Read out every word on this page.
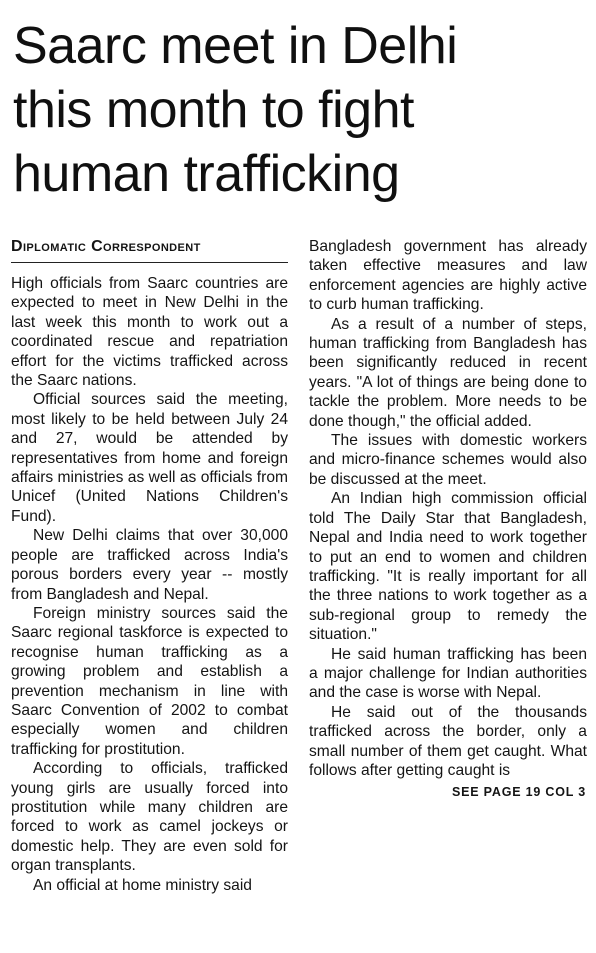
Saarc meet in Delhi
this month to fight
human trafficking
Diplomatic Correspondent

High officials from Saarc countries are expected to meet in New Delhi in the last week this month to work out a coordinated rescue and repatriation effort for the victims trafficked across the Saarc nations.

Official sources said the meeting, most likely to be held between July 24 and 27, would be attended by representatives from home and foreign affairs ministries as well as officials from Unicef (United Nations Children's Fund).

New Delhi claims that over 30,000 people are trafficked across India's porous borders every year -- mostly from Bangladesh and Nepal.

Foreign ministry sources said the Saarc regional taskforce is expected to recognise human trafficking as a growing problem and establish a prevention mechanism in line with Saarc Convention of 2002 to combat especially women and children trafficking for prostitution.

According to officials, trafficked young girls are usually forced into prostitution while many children are forced to work as camel jockeys or domestic help. They are even sold for organ transplants.

An official at home ministry said

Bangladesh government has already taken effective measures and law enforcement agencies are highly active to curb human trafficking.

As a result of a number of steps, human trafficking from Bangladesh has been significantly reduced in recent years. "A lot of things are being done to tackle the problem. More needs to be done though," the official added.

The issues with domestic workers and micro-finance schemes would also be discussed at the meet.

An Indian high commission official told The Daily Star that Bangladesh, Nepal and India need to work together to put an end to women and children trafficking. "It is really important for all the three nations to work together as a sub-regional group to remedy the situation."

He said human trafficking has been a major challenge for Indian authorities and the case is worse with Nepal.

He said out of the thousands trafficked across the border, only a small number of them get caught. What follows after getting caught is

SEE PAGE 19 COL 3
